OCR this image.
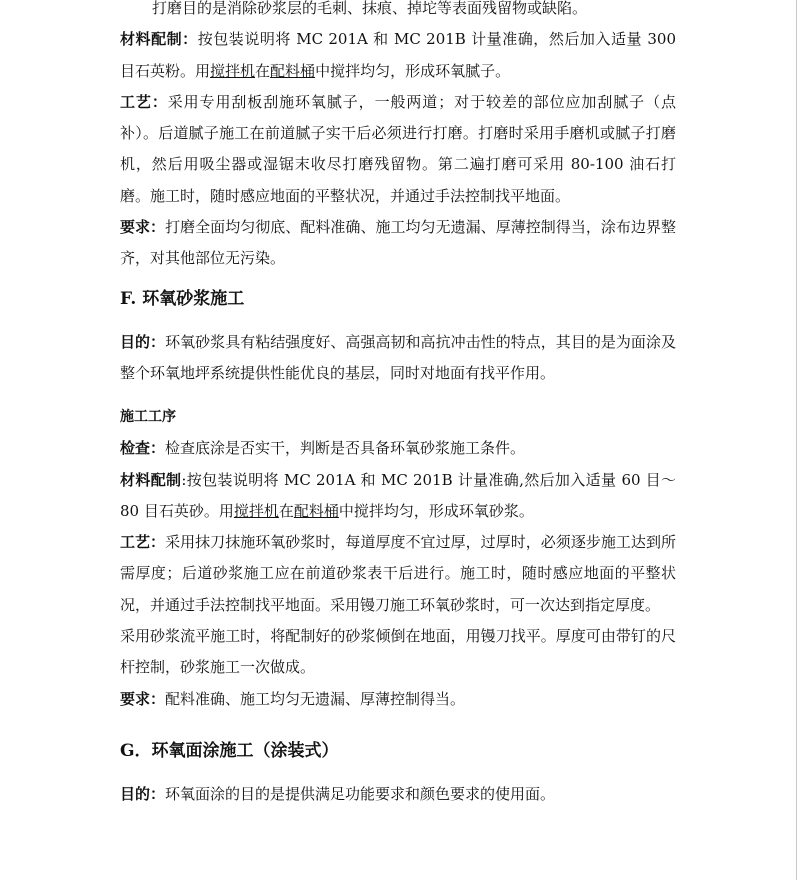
打磨目的是消除砂浆层的毛刺、抹痕、掉坨等表面残留物或缺陷。

材料配制：按包装说明将 MC 201A 和 MC 201B 计量准确，然后加入适量 300 目石英粉。用搅拌机在配料桶中搅拌均匀，形成环氧腻子。

工艺：采用专用刮板刮施环氧腻子，一般两道；对于较差的部位应加刮腻子（点补）。后道腻子施工在前道腻子实干后必须进行打磨。打磨时采用手磨机或腻子打磨机，然后用吸尘器或湿锯末收尽打磨残留物。第二遍打磨可采用 80-100 油石打磨。施工时，随时感应地面的平整状况，并通过手法控制找平地面。

要求：打磨全面均匀彻底、配料准确、施工均匀无遗漏、厚薄控制得当，涂布边界整齐，对其他部位无污染。

F. 环氧砂浆施工

目的：环氧砂浆具有粘结强度好、高强高韧和高抗冲击性的特点，其目的是为面涂及整个环氧地坪系统提供性能优良的基层，同时对地面有找平作用。

施工工序

检查：检查底涂是否实干，判断是否具备环氧砂浆施工条件。

材料配制:按包装说明将 MC 201A 和 MC 201B 计量准确,然后加入适量 60 目～80 目石英砂。用搅拌机在配料桶中搅拌均匀，形成环氧砂浆。

工艺：采用抹刀抹施环氧砂浆时，每道厚度不宜过厚，过厚时，必须逐步施工达到所需厚度；后道砂浆施工应在前道砂浆表干后进行。施工时，随时感应地面的平整状况，并通过手法控制找平地面。采用镘刀施工环氧砂浆时，可一次达到指定厚度。

采用砂浆流平施工时，将配制好的砂浆倾倒在地面，用镘刀找平。厚度可由带钉的尺杆控制，砂浆施工一次做成。

要求：配料准确、施工均匀无遗漏、厚薄控制得当。

G．环氧面涂施工（涂装式）

目的：环氧面涂的目的是提供满足功能要求和颜色要求的使用面。
